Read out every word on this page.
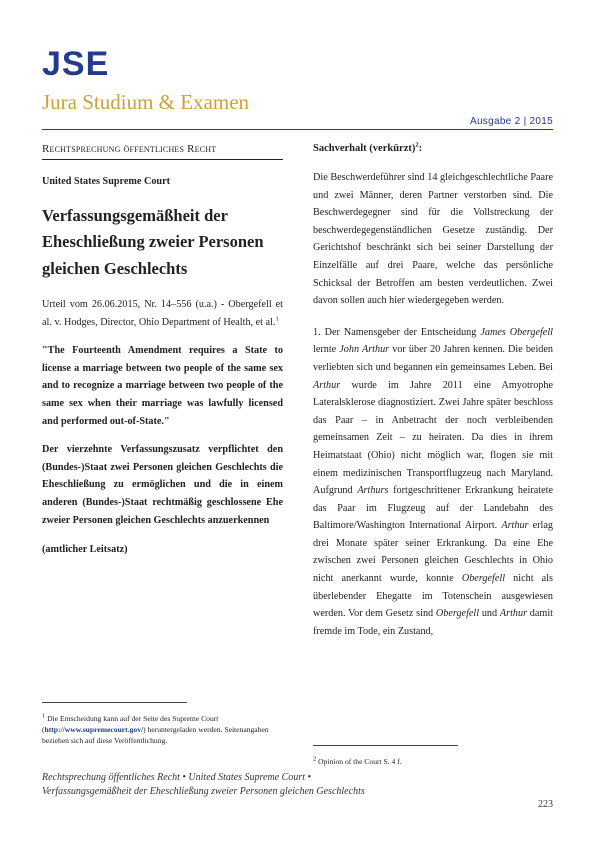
JSE
Jura Studium & Examen
Ausgabe 2 | 2015
Rechtsprechung öffentliches Recht
United States Supreme Court
Verfassungsgemäßheit der Eheschließung zweier Personen gleichen Geschlechts
Urteil vom 26.06.2015, Nr. 14–556 (u.a.) - Obergefell et al. v. Hodges, Director, Ohio Department of Health, et al.$^1$
"The Fourteenth Amendment requires a State to license a marriage between two people of the same sex and to recognize a marriage between two people of the same sex when their marriage was lawfully licensed and performed out-of-State."
Der vierzehnte Verfassungszusatz verpflichtet den (Bundes-)Staat zwei Personen gleichen Geschlechts die Eheschließung zu ermöglichen und die in einem anderen (Bundes-)Staat rechtmäßig geschlossene Ehe zweier Personen gleichen Geschlechts anzuerkennen
(amtlicher Leitsatz)
$^1$ Die Entscheidung kann auf der Seite des Supreme Court (http://www.supremecourt.gov/) heruntergeladen werden. Seitenangaben beziehen sich auf diese Veröffentlichung.
Sachverhalt (verkürzt)$^2$:
Die Beschwerdeführer sind 14 gleichgeschlechtliche Paare und zwei Männer, deren Partner verstorben sind. Die Beschwerdegegner sind für die Vollstreckung der beschwerdegegenständlichen Gesetze zuständig. Der Gerichtshof beschränkt sich bei seiner Darstellung der Einzelfälle auf drei Paare, welche das persönliche Schicksal der Betroffen am besten verdeutlichen. Zwei davon sollen auch hier wiedergegeben werden.
1. Der Namensgeber der Entscheidung James Obergefell lernte John Arthur vor über 20 Jahren kennen. Die beiden verliebten sich und begannen ein gemeinsames Leben. Bei Arthur wurde im Jahre 2011 eine Amyotrophe Lateralsklerose diagnostiziert. Zwei Jahre später beschloss das Paar – in Anbetracht der noch verbleibenden gemeinsamen Zeit – zu heiraten. Da dies in ihrem Heimatstaat (Ohio) nicht möglich war, flogen sie mit einem medizinischen Transportflugzeug nach Maryland. Aufgrund Arthurs fortgeschrittener Erkrankung heiratete das Paar im Flugzeug auf der Landebahn des Baltimore/Washington International Airport. Arthur erlag drei Monate später seiner Erkrankung. Da eine Ehe zwischen zwei Personen gleichen Geschlechts in Ohio nicht anerkannt wurde, konnte Obergefell nicht als überlebender Ehegatte im Totenschein ausgewiesen werden. Vor dem Gesetz sind Obergefell und Arthur damit fremde im Tode, ein Zustand,
$^2$ Opinion of the Court S. 4 f.
Rechtsprechung öffentliches Recht • United States Supreme Court •
Verfassungsgemäßheit der Eheschließung zweier Personen gleichen Geschlechts
223
